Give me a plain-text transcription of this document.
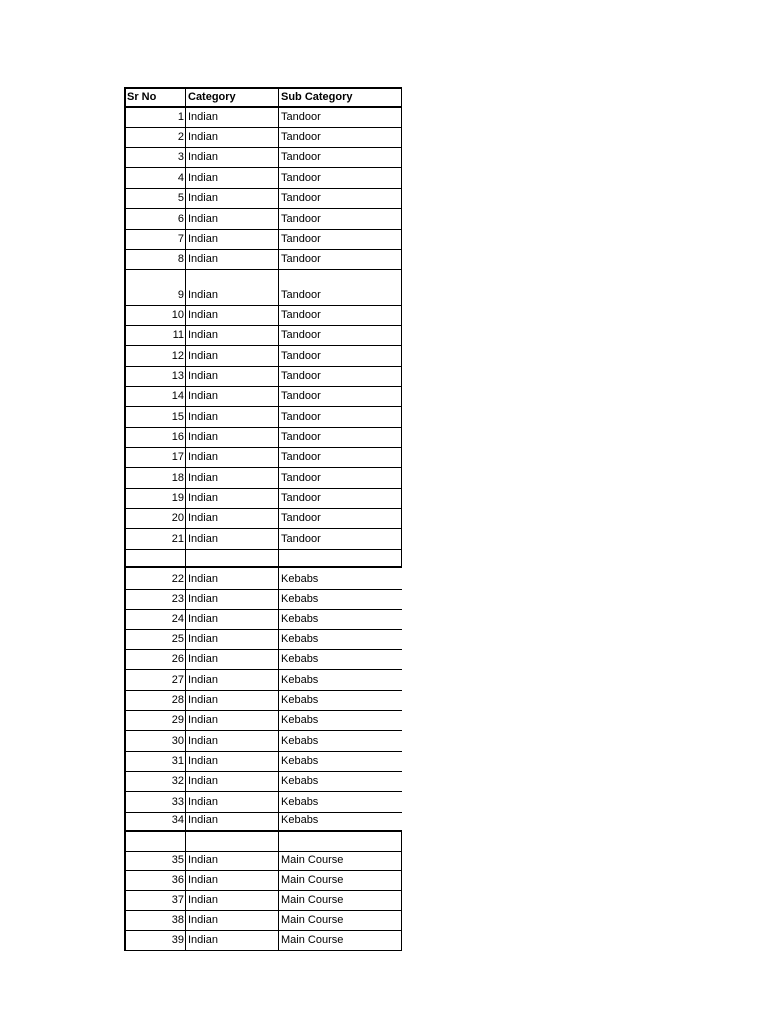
Sr No	Category	Sub Category
1 Indian	Tandoor
2 Indian	Tandoor
3 Indian	Tandoor
4 Indian	Tandoor
5 Indian	Tandoor
6 Indian	Tandoor
7 Indian	Tandoor
8 Indian	Tandoor
9 Indian	Tandoor
10 Indian	Tandoor
11 Indian	Tandoor
12 Indian	Tandoor
13 Indian	Tandoor
14 Indian	Tandoor
15 Indian	Tandoor
16 Indian	Tandoor
17 Indian	Tandoor
18 Indian	Tandoor
19 Indian	Tandoor
20 Indian	Tandoor
21 Indian	Tandoor
22 Indian	Kebabs
23 Indian	Kebabs
24 Indian	Kebabs
25 Indian	Kebabs
26 Indian	Kebabs
27 Indian	Kebabs
28 Indian	Kebabs
29 Indian	Kebabs
30 Indian	Kebabs
31 Indian	Kebabs
32 Indian	Kebabs
33 Indian	Kebabs
34 Indian	Kebabs
35 Indian	Main Course
36 Indian	Main Course
37 Indian	Main Course
38 Indian	Main Course
39 Indian	Main Course
